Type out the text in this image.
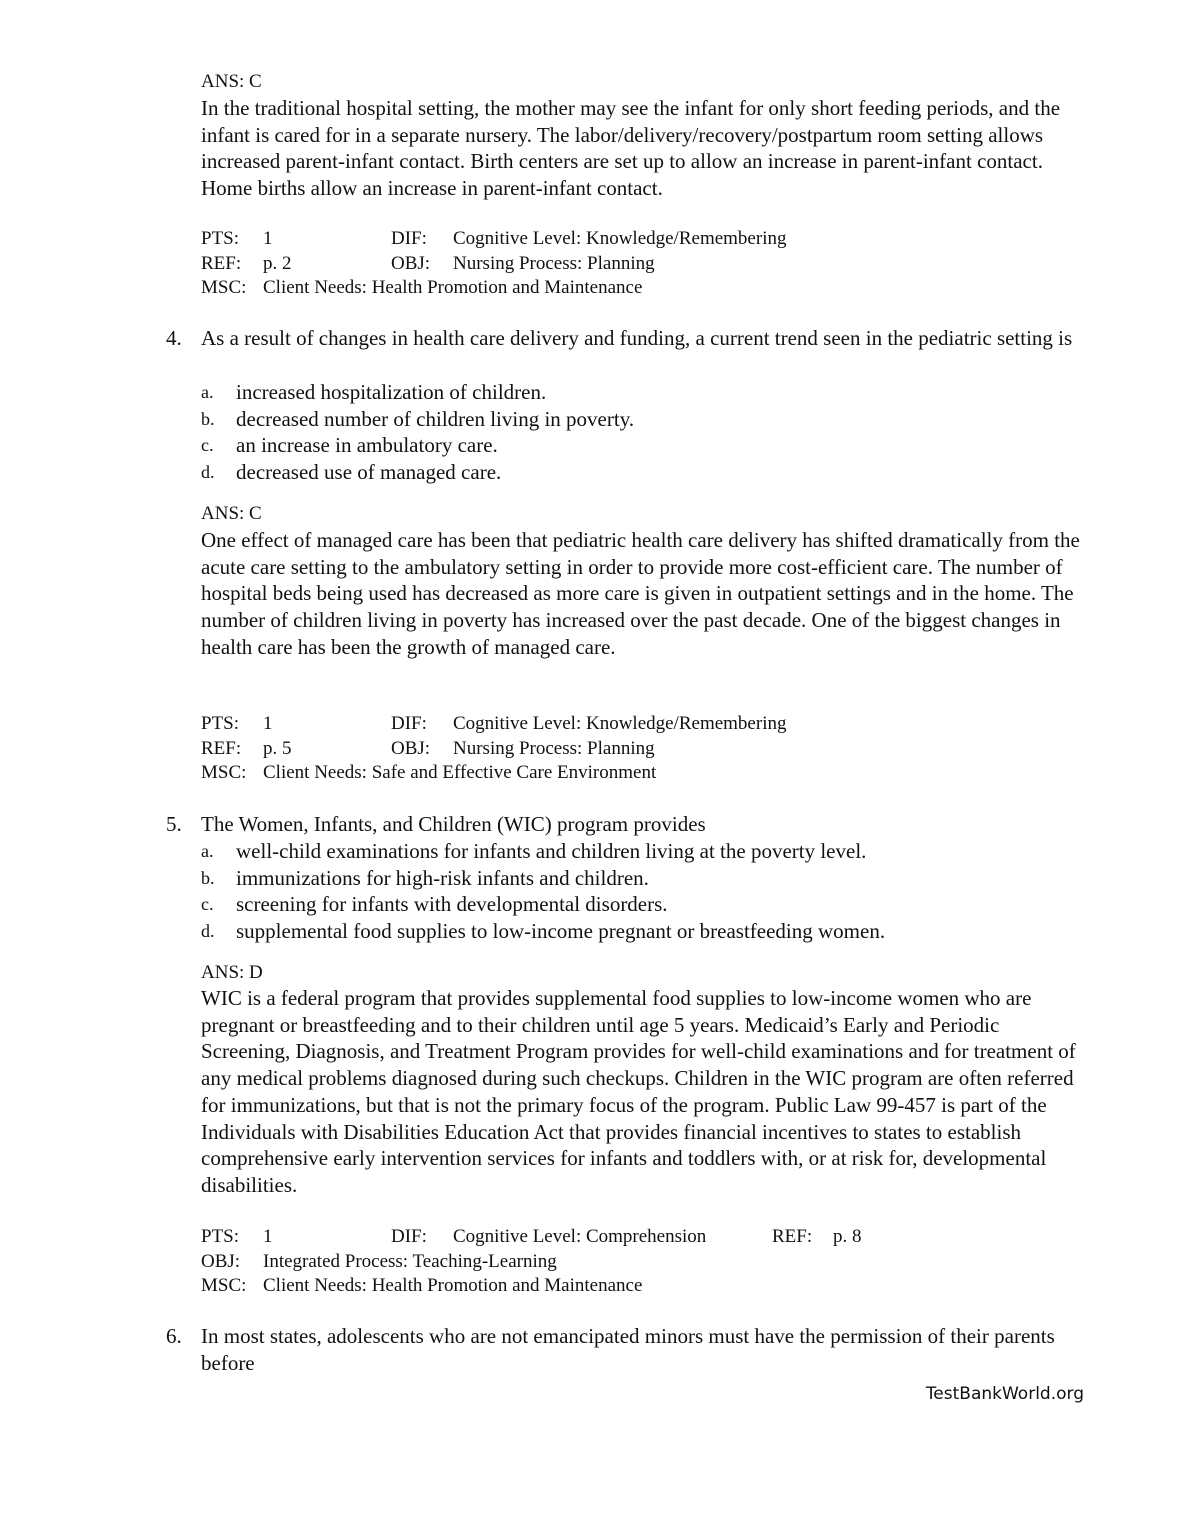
ANS: C
In the traditional hospital setting, the mother may see the infant for only short feeding periods, and the infant is cared for in a separate nursery. The labor/delivery/recovery/postpartum room setting allows increased parent-infant contact. Birth centers are set up to allow an increase in parent-infant contact. Home births allow an increase in parent-infant contact.
PTS: 1	DIF: Cognitive Level: Knowledge/Remembering
REF: p. 2	OBJ: Nursing Process: Planning
MSC: Client Needs: Health Promotion and Maintenance
4. As a result of changes in health care delivery and funding, a current trend seen in the pediatric setting is
a. increased hospitalization of children.
b. decreased number of children living in poverty.
c. an increase in ambulatory care.
d. decreased use of managed care.
ANS: C
One effect of managed care has been that pediatric health care delivery has shifted dramatically from the acute care setting to the ambulatory setting in order to provide more cost-efficient care. The number of hospital beds being used has decreased as more care is given in outpatient settings and in the home. The number of children living in poverty has increased over the past decade. One of the biggest changes in health care has been the growth of managed care.
PTS: 1	DIF: Cognitive Level: Knowledge/Remembering
REF: p. 5	OBJ: Nursing Process: Planning
MSC: Client Needs: Safe and Effective Care Environment
5. The Women, Infants, and Children (WIC) program provides
a. well-child examinations for infants and children living at the poverty level.
b. immunizations for high-risk infants and children.
c. screening for infants with developmental disorders.
d. supplemental food supplies to low-income pregnant or breastfeeding women.
ANS: D
WIC is a federal program that provides supplemental food supplies to low-income women who are pregnant or breastfeeding and to their children until age 5 years. Medicaid’s Early and Periodic Screening, Diagnosis, and Treatment Program provides for well-child examinations and for treatment of any medical problems diagnosed during such checkups. Children in the WIC program are often referred for immunizations, but that is not the primary focus of the program. Public Law 99-457 is part of the Individuals with Disabilities Education Act that provides financial incentives to states to establish comprehensive early intervention services for infants and toddlers with, or at risk for, developmental disabilities.
PTS: 1	DIF: Cognitive Level: Comprehension	REF: p. 8
OBJ: Integrated Process: Teaching-Learning
MSC: Client Needs: Health Promotion and Maintenance
6. In most states, adolescents who are not emancipated minors must have the permission of their parents before
TestBankWorld.org
